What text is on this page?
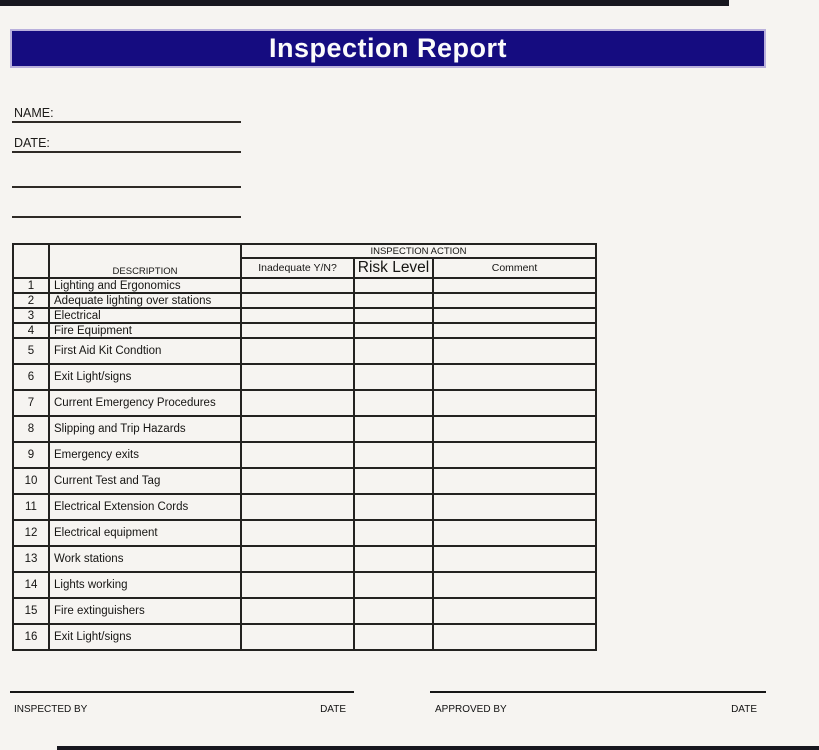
Inspection Report
NAME:
DATE:
	DESCRIPTION	INSPECTION ACTION		
		Inadequate Y/N?	Risk Level	Comment
1	Lighting and Ergonomics			
2	Adequate lighting over stations			
3	Electrical			
4	Fire Equipment			
5	First Aid Kit Condtion			
6	Exit Light/signs			
7	Current Emergency Procedures			
8	Slipping and Trip Hazards			
9	Emergency exits			
10	Current Test and Tag			
11	Electrical Extension Cords			
12	Electrical equipment			
13	Work stations			
14	Lights working			
15	Fire extinguishers			
16	Exit Light/signs			
INSPECTED BY	DATE	APPROVED BY	DATE
